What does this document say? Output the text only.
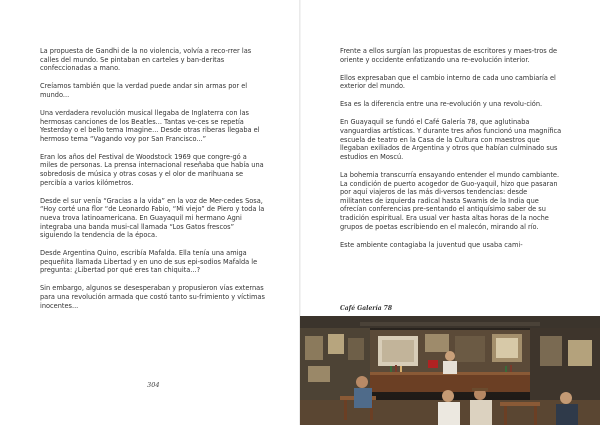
La propuesta de Gandhi de la no violencia, volvía a reco-rrer las calles del mundo. Se pintaban en carteles y ban-deritas confeccionadas a mano.

Creíamos también que la verdad puede andar sin armas por el mundo...

Una verdadera revolución musical llegaba de Inglaterra con las hermosas canciones de los Beatles... Tantas ve-ces se repetía Yesterday o el bello tema Imagine... Desde otras riberas llegaba el hermoso tema “Vagando voy por San Francisco...”

Eran los años del Festival de Woodstock 1969 que congre-gó a miles de personas. La prensa internacional reseñaba que había una sobredosis de música y otras cosas y el olor de marihuana se percibía a varios kilómetros.

Desde el sur venía “Gracias a la vida” en la voz de Mer-cedes Sosa, “Hoy corté una flor “de Leonardo Fabio, “Mi viejo” de Piero y toda la nueva trova latinoamericana. En Guayaquil mi hermano Agni integraba una banda musi-cal llamada “Los Gatos frescos” siguiendo la tendencia de la época.

Desde Argentina Quino, escribía Mafalda. Ella tenía una amiga pequeñita llamada Libertad y en uno de sus epi-sodios Mafalda le pregunta: ¿Libertad por qué eres tan chiquita...?

Sin embargo, algunos se desesperaban y propusieron vías externas para una revolución armada que costó tanto su-frimiento y víctimas inocentes...

304

Frente a ellos surgían las propuestas de escritores y maes-tros de oriente y occidente enfatizando una re-evolución interior.

Ellos expresaban que el cambio interno de cada uno cambiaría el exterior del mundo.

Esa es la diferencia entre una re-evolución y una revolu-ción.

En Guayaquil se fundó el Café Galería 78, que aglutinaba vanguardias artísticas. Y durante tres años funcionó una magnífica escuela de teatro en la Casa de la Cultura con maestros que llegaban exiliados de Argentina y otros que habían culminado sus estudios en Moscú.

La bohemia transcurría ensayando entender el mundo cambiante. La condición de puerto acogedor de Guo-yaquil, hizo que pasaran por aquí viajeros de las más di-versos tendencias: desde militantes de izquierda radical hasta Swamis de la India que ofrecían conferencias pre-sentando el antiquísimo saber de su tradición espiritual. Era usual ver hasta altas horas de la noche grupos de poetas escribiendo en el malecón, mirando al río.

Este ambiente contagiaba la juventud que usaba cami-

Café Galería 78
